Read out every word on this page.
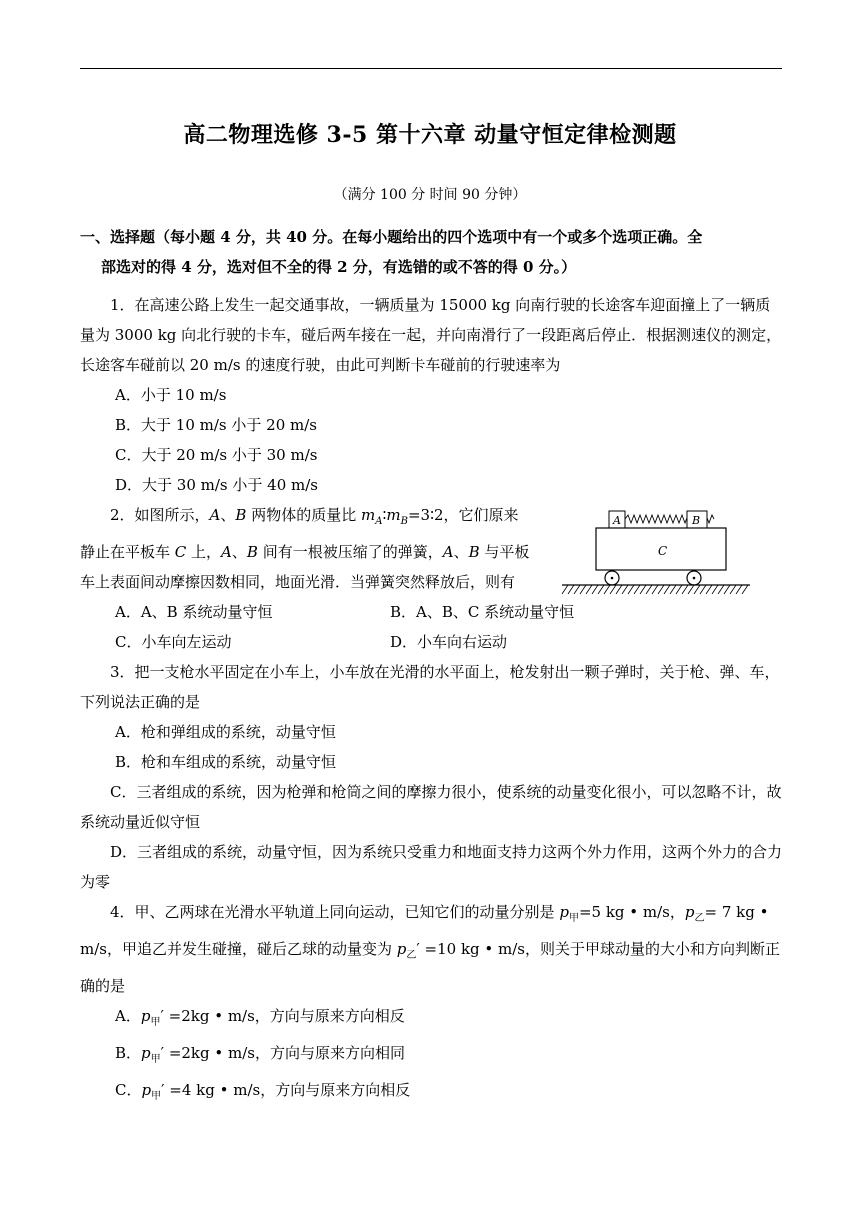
高二物理选修 3-5 第十六章 动量守恒定律检测题
（满分 100 分 时间 90 分钟）
一、选择题（每小题 4 分，共 40 分。在每小题给出的四个选项中有一个或多个选项正确。全
部选对的得 4 分，选对但不全的得 2 分，有选错的或不答的得 0 分。）

1．在高速公路上发生一起交通事故，一辆质量为 15000 kg 向南行驶的长途客车迎面撞上了一辆质量为 3000 kg 向北行驶的卡车，碰后两车接在一起，并向南滑行了一段距离后停止．根据测速仪的测定，长途客车碰前以 20 m/s 的速度行驶，由此可判断卡车碰前的行驶速率为

A．小于 10 m/s

B．大于 10 m/s 小于 20 m/s

C．大于 20 m/s 小于 30 m/s

D．大于 30 m/s 小于 40 m/s

2．如图所示，A、B 两物体的质量比 $m_A∶m_B=3∶2$，它们原来静止在平板车 C 上，A、B 间有一根被压缩了的弹簧，A、B 与平板车上表面间动摩擦因数相同，地面光滑．当弹簧突然释放后，则有

A	B
C
A．A、B 系统动量守恒	B．A、B、C 系统动量守恒
C．小车向左运动	D．小车向右运动

3．把一支枪水平固定在小车上，小车放在光滑的水平面上，枪发射出一颗子弹时，关于枪、弹、车，下列说法正确的是

A．枪和弹组成的系统，动量守恒

B．枪和车组成的系统，动量守恒

C．三者组成的系统，因为枪弹和枪筒之间的摩擦力很小，使系统的动量变化很小，可以忽略不计，故系统动量近似守恒

D．三者组成的系统，动量守恒，因为系统只受重力和地面支持力这两个外力作用，这两个外力的合力为零

4．甲、乙两球在光滑水平轨道上同向运动，已知它们的动量分别是 $p_甲=5$ kg • m/s，$p_乙= 7$ kg • m/s，甲追乙并发生碰撞，碰后乙球的动量变为 $p_乙' =10$ kg • m/s，则关于甲球动量的大小和方向判断正确的是

A．$p_甲' =2kg$ • m/s，方向与原来方向相反

B．$p_甲' =2kg$ • m/s，方向与原来方向相同

C．$p_甲' =4$ kg • m/s，方向与原来方向相反
